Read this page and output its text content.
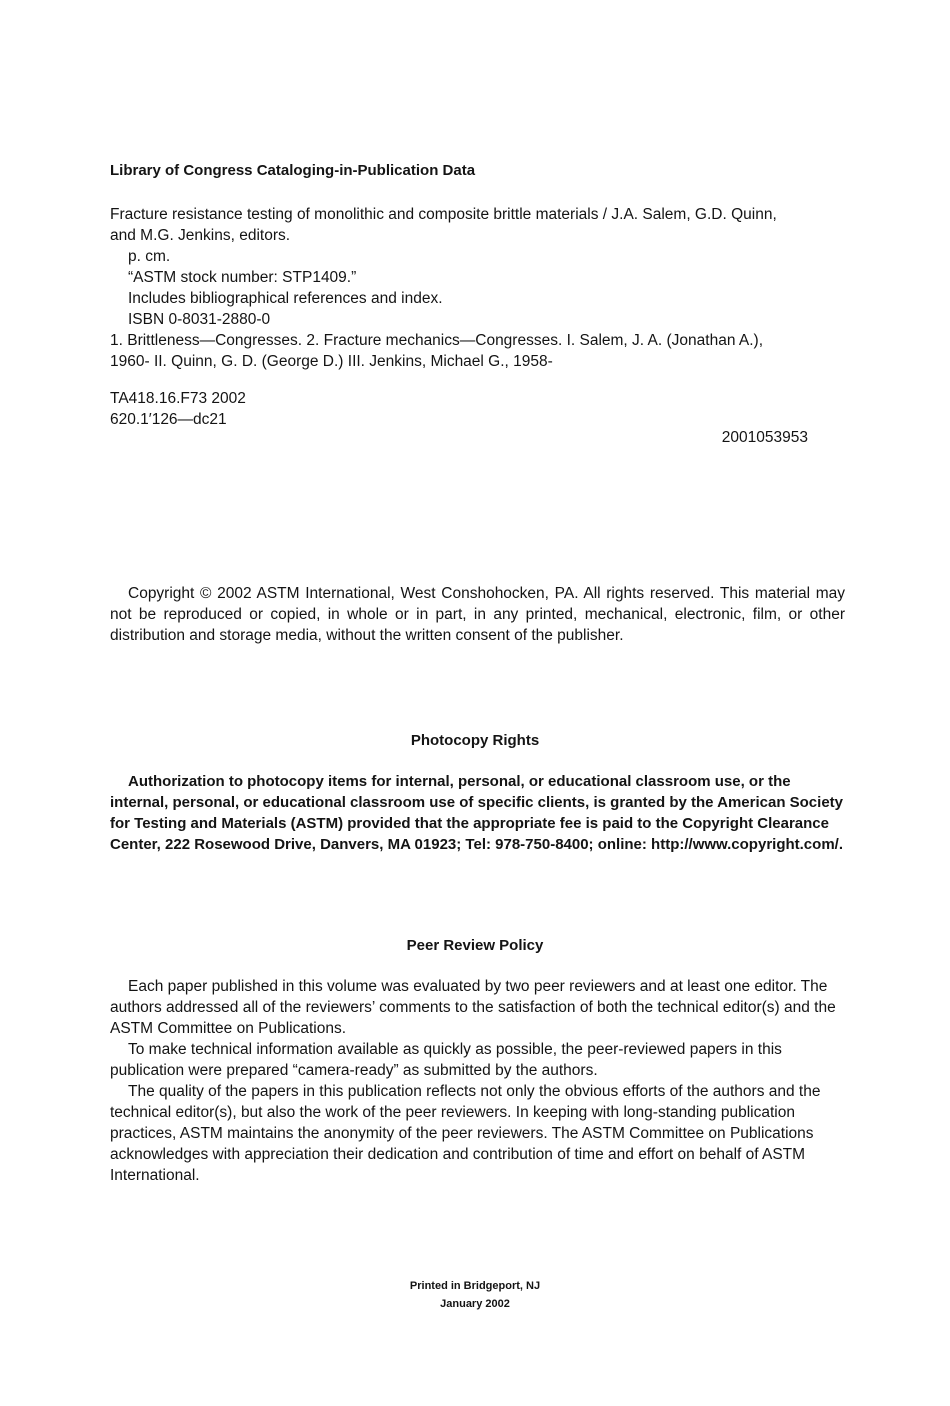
Library of Congress Cataloging-in-Publication Data

Fracture resistance testing of monolithic and composite brittle materials / J.A. Salem, G.D. Quinn,

and M.G. Jenkins, editors.

p. cm.

“ASTM stock number: STP1409.”

Includes bibliographical references and index.

ISBN 0-8031-2880-0

1. Brittleness—Congresses. 2. Fracture mechanics—Congresses. I. Salem, J. A. (Jonathan A.),

1960- II. Quinn, G. D. (George D.) III. Jenkins, Michael G., 1958-

TA418.16.F73 2002

620.1′126—dc21

2001053953

Copyright © 2002 ASTM International, West Conshohocken, PA. All rights reserved. This material may not be reproduced or copied, in whole or in part, in any printed, mechanical, electronic, film, or other distribution and storage media, without the written consent of the publisher.

Photocopy Rights

Authorization to photocopy items for internal, personal, or educational classroom use, or the internal, personal, or educational classroom use of specific clients, is granted by the American Society for Testing and Materials (ASTM) provided that the appropriate fee is paid to the Copyright Clearance Center, 222 Rosewood Drive, Danvers, MA 01923; Tel: 978-750-8400; online: http://www.copyright.com/.

Peer Review Policy

Each paper published in this volume was evaluated by two peer reviewers and at least one editor. The authors addressed all of the reviewers’ comments to the satisfaction of both the technical editor(s) and the ASTM Committee on Publications.

To make technical information available as quickly as possible, the peer-reviewed papers in this publication were prepared “camera-ready” as submitted by the authors.

The quality of the papers in this publication reflects not only the obvious efforts of the authors and the technical editor(s), but also the work of the peer reviewers. In keeping with long-standing publication practices, ASTM maintains the anonymity of the peer reviewers. The ASTM Committee on Publications acknowledges with appreciation their dedication and contribution of time and effort on behalf of ASTM International.

Printed in Bridgeport, NJ

January 2002
